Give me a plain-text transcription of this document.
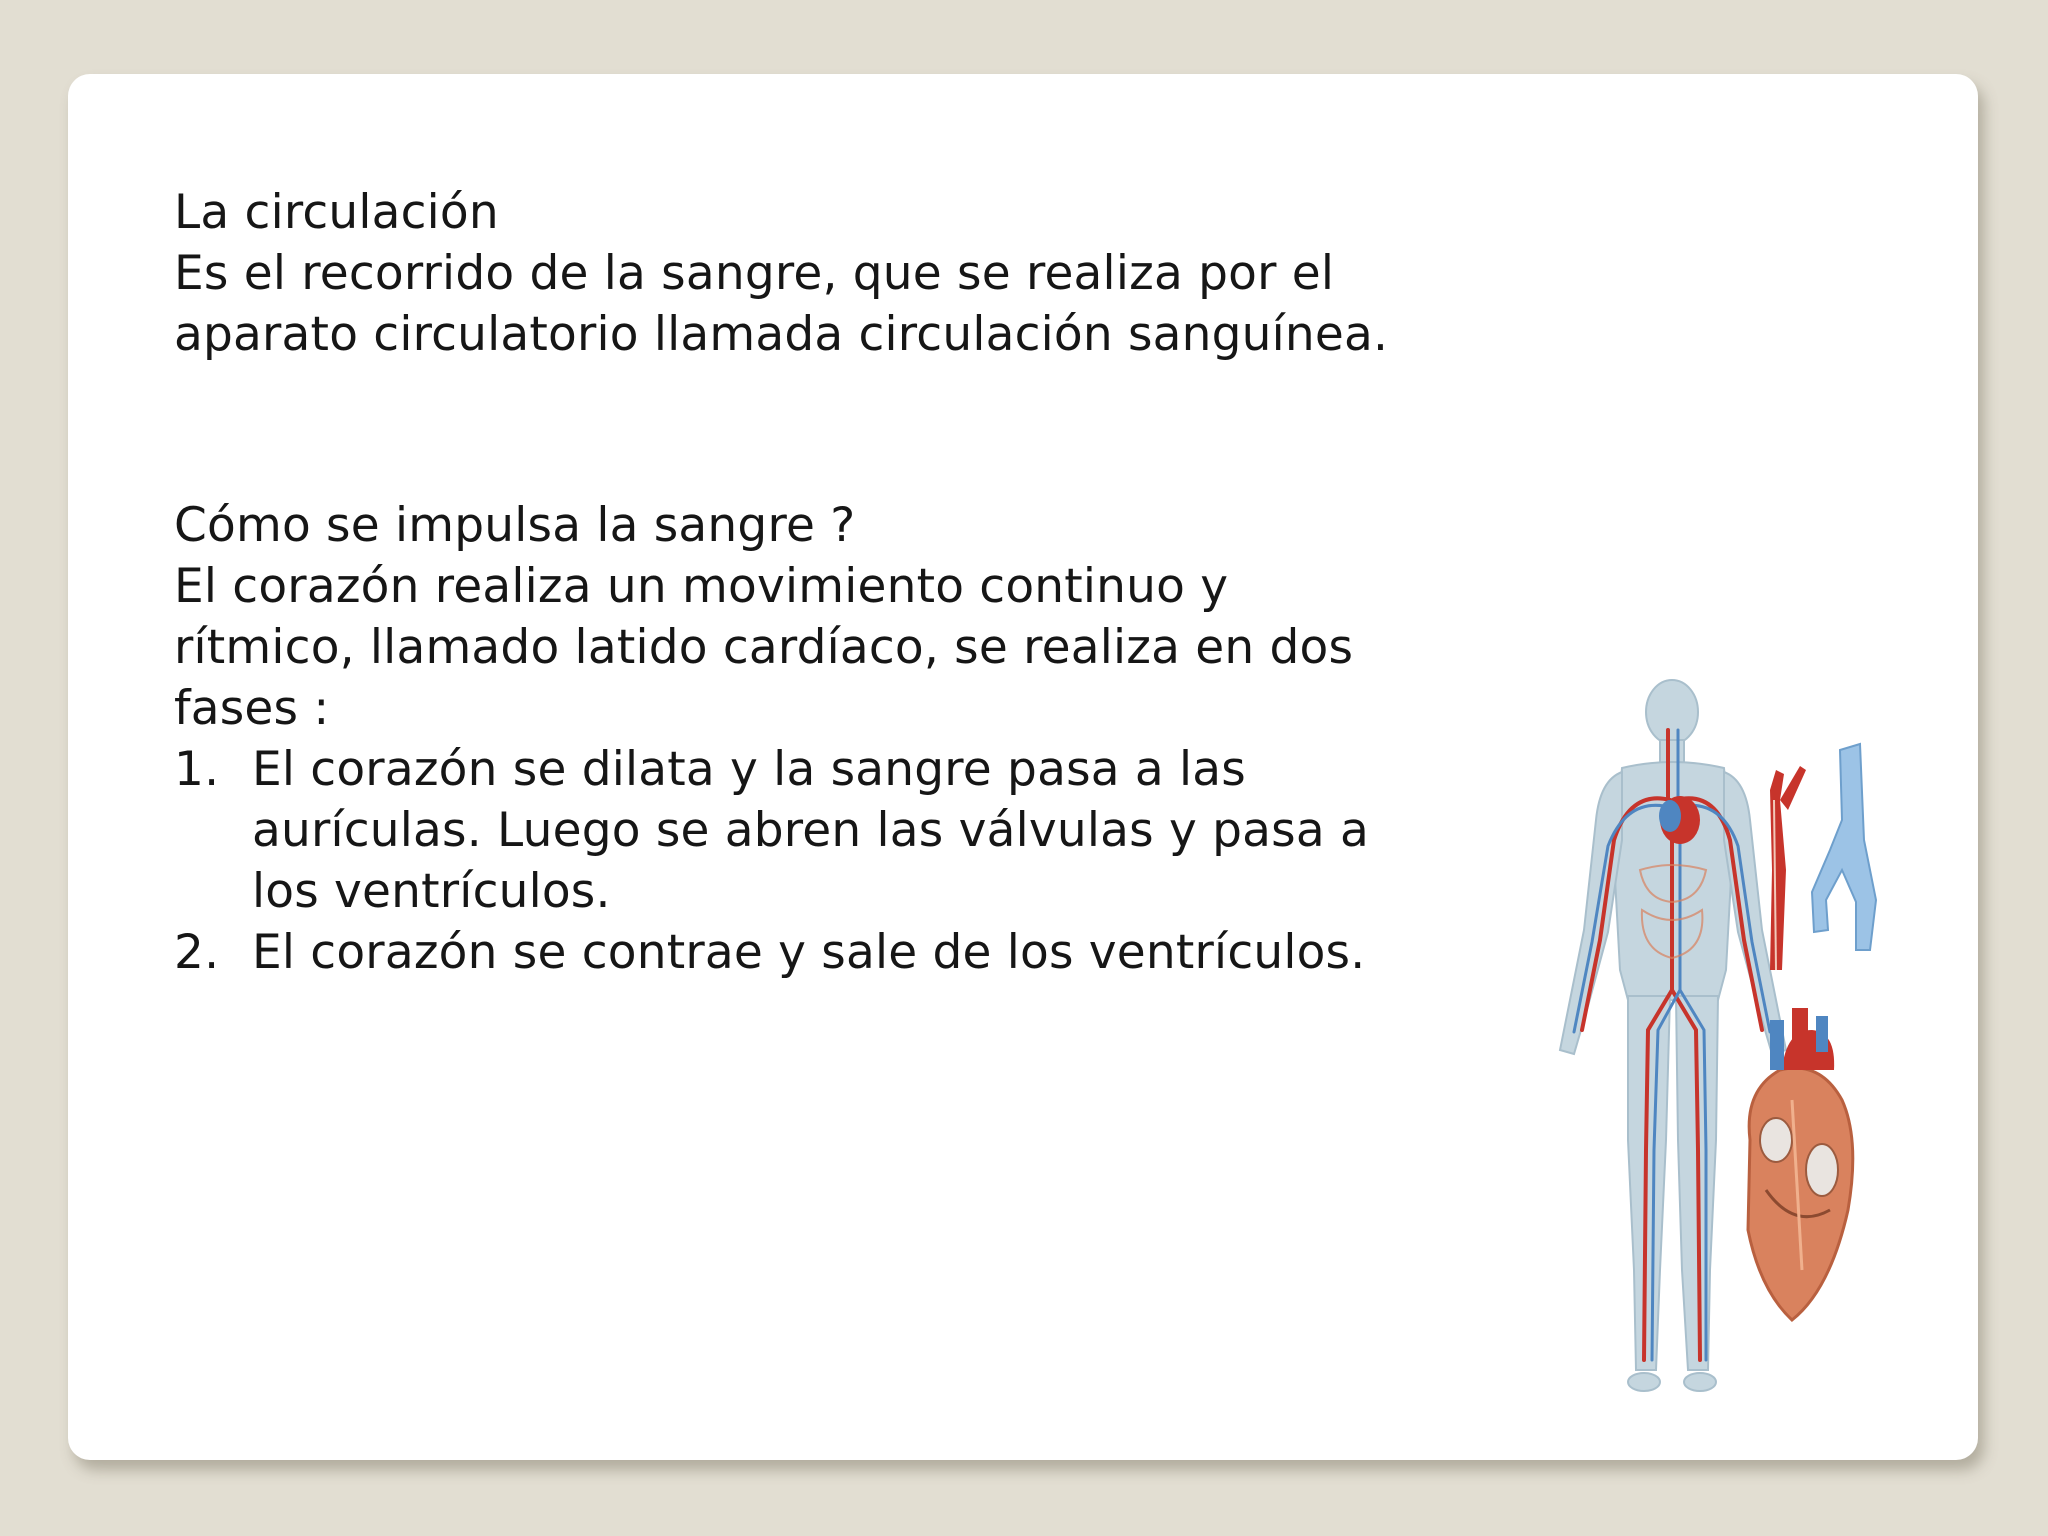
La circulación

Es el recorrido de la sangre, que se realiza por el

aparato circulatorio llamada circulación sanguínea.

Cómo se impulsa la sangre ?

El corazón realiza un movimiento continuo y

rítmico, llamado latido cardíaco, se realiza en dos

fases :

1. El corazón se dilata y la sangre pasa a las
aurículas. Luego se abren las válvulas y pasa a
los ventrículos.
2. El corazón se contrae y sale de los ventrículos.
